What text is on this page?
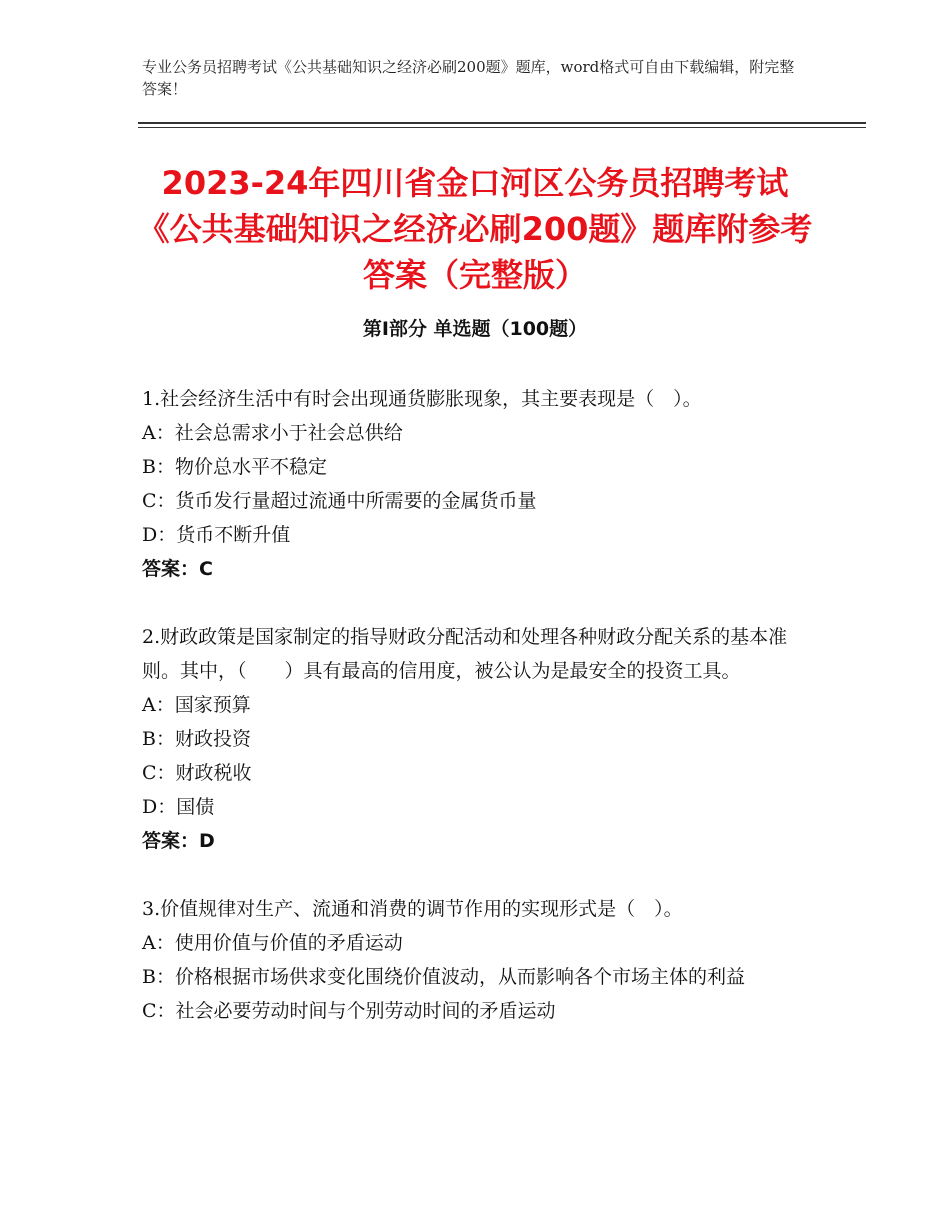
专业公务员招聘考试《公共基础知识之经济必刷200题》题库，word格式可自由下载编辑，附完整答案！
2023-24年四川省金口河区公务员招聘考试《公共基础知识之经济必刷200题》题库附参考答案（完整版）
第Ⅰ部分 单选题（100题）
1.社会经济生活中有时会出现通货膨胀现象，其主要表现是（　）。
A：社会总需求小于社会总供给
B：物价总水平不稳定
C：货币发行量超过流通中所需要的金属货币量
D：货币不断升值
答案：C
2.财政政策是国家制定的指导财政分配活动和处理各种财政分配关系的基本准则。其中，（　　）具有最高的信用度，被公认为是最安全的投资工具。
A：国家预算
B：财政投资
C：财政税收
D：国债
答案：D
3.价值规律对生产、流通和消费的调节作用的实现形式是（　）。
A：使用价值与价值的矛盾运动
B：价格根据市场供求变化围绕价值波动，从而影响各个市场主体的利益
C：社会必要劳动时间与个别劳动时间的矛盾运动
